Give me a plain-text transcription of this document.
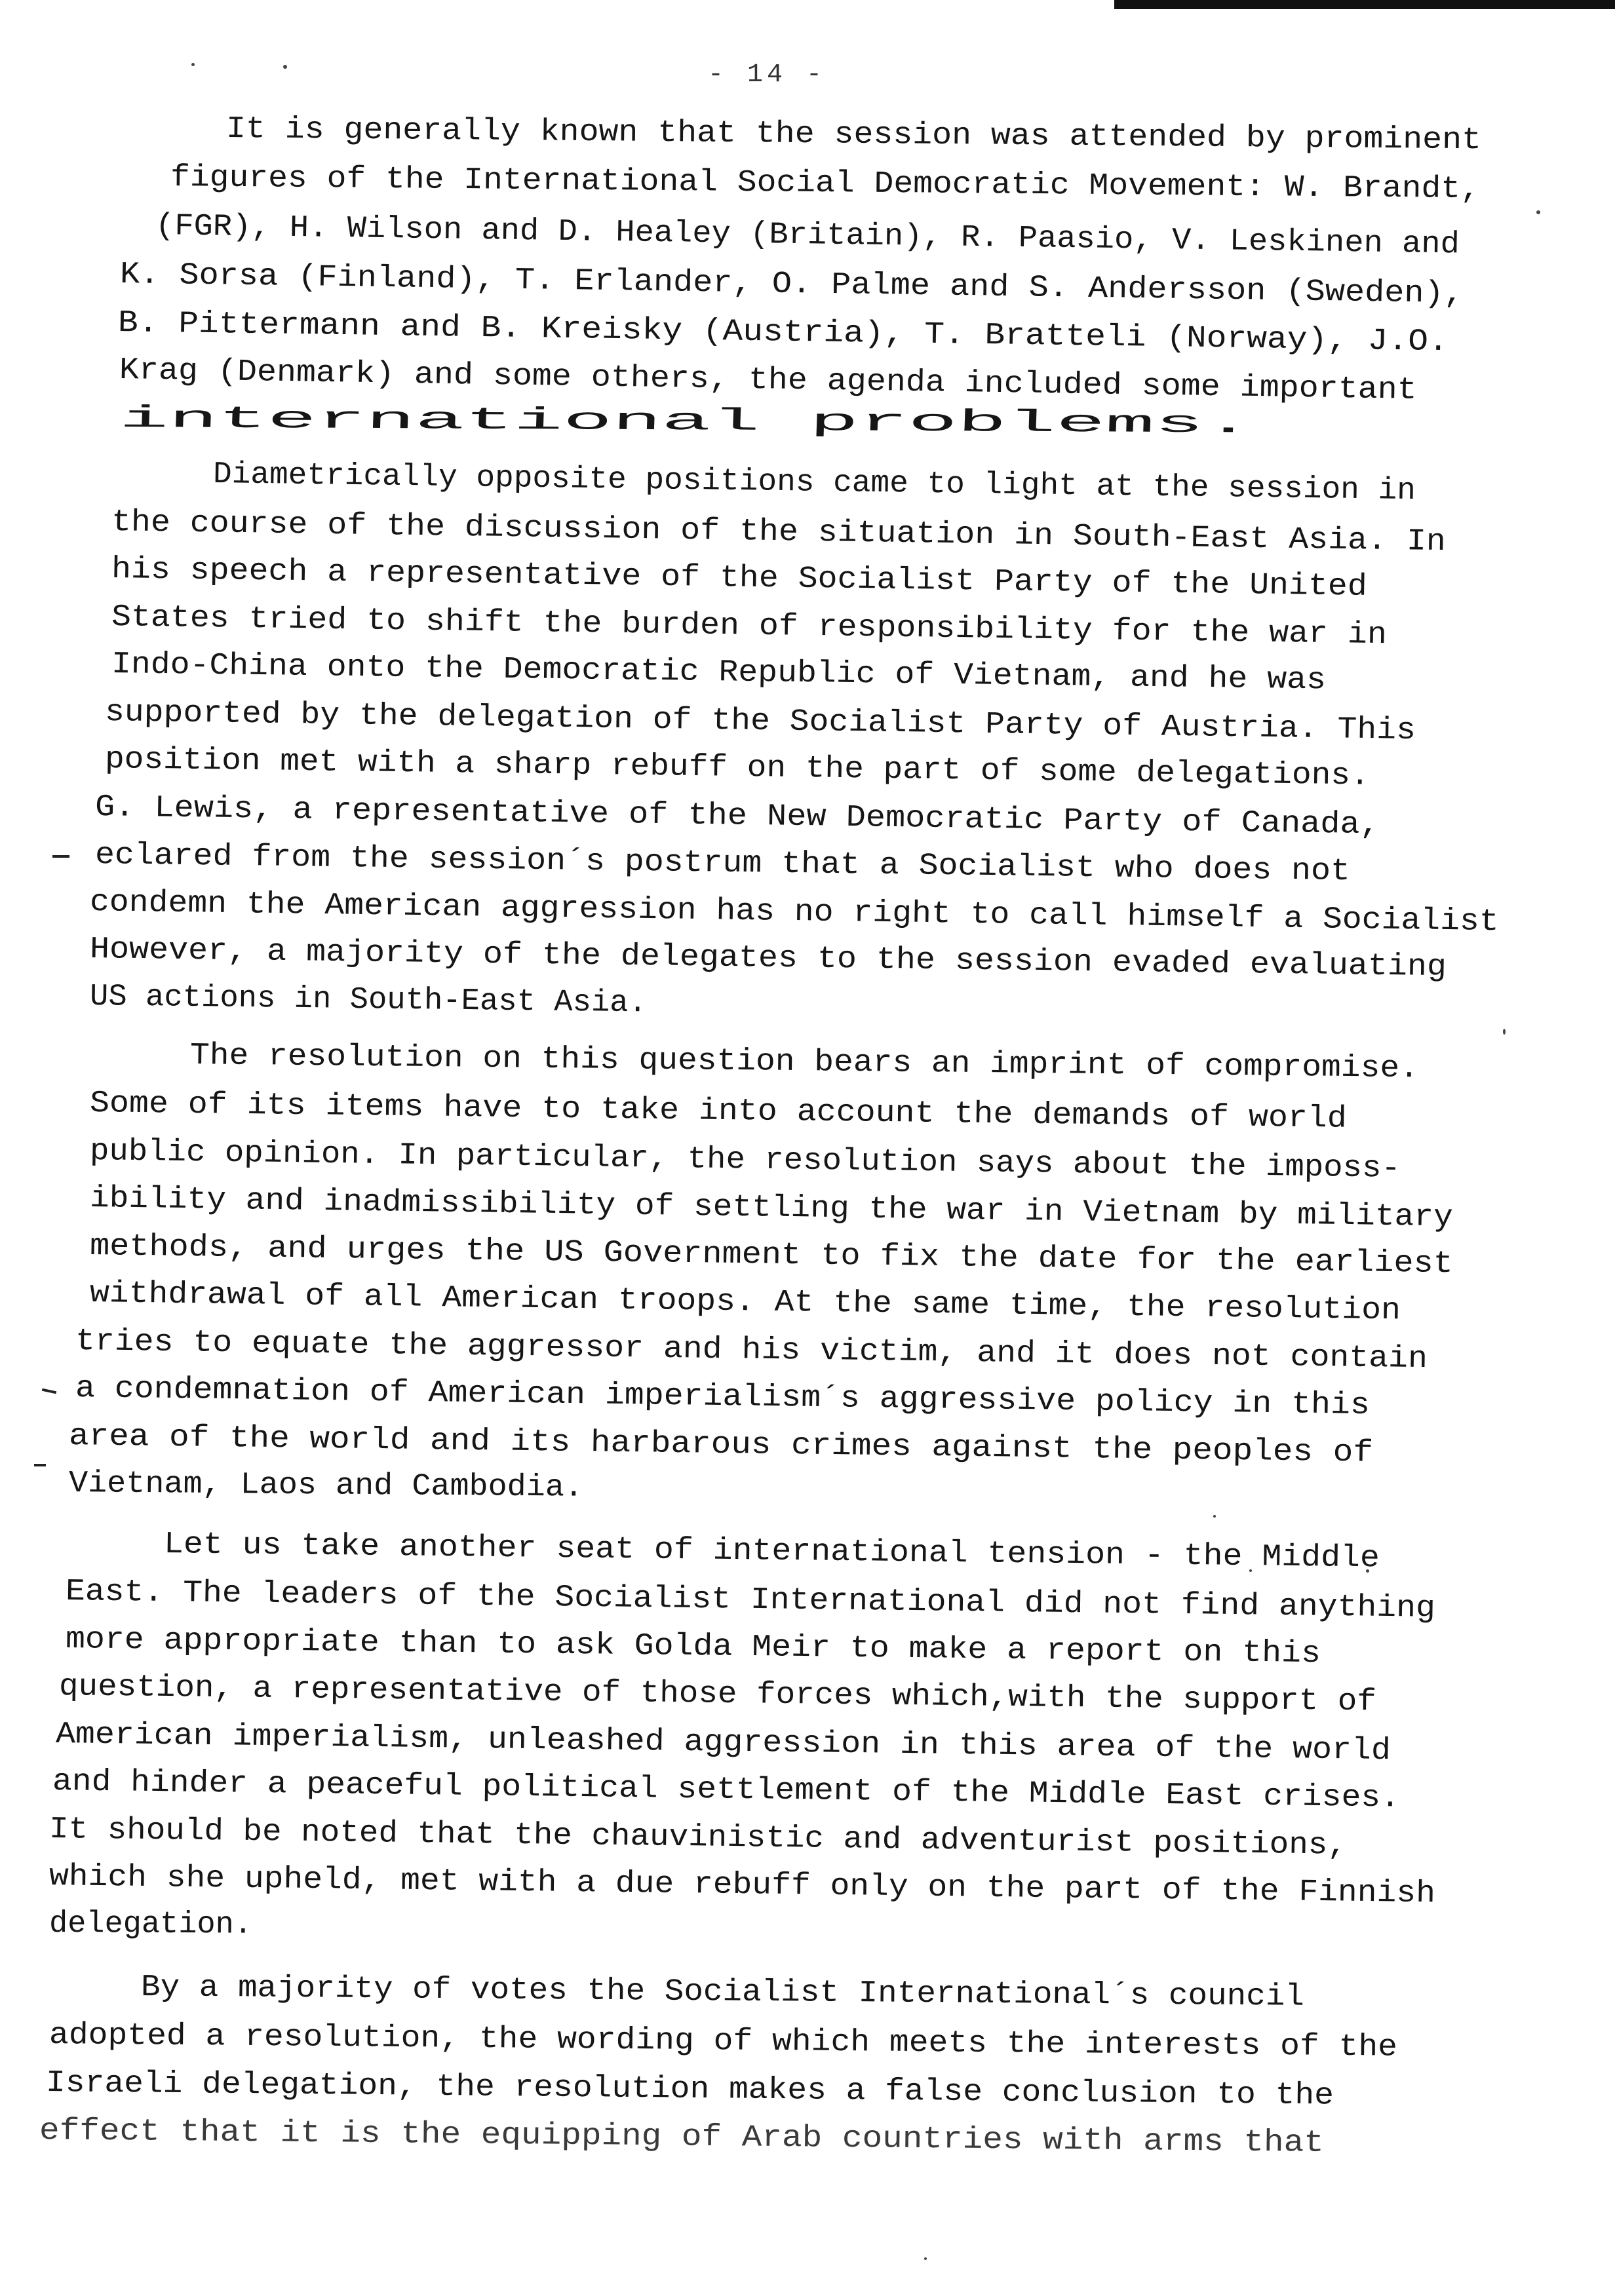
- 14 -
It is generally known that the session was attended by prominent
figures of the International Social Democratic Movement: W. Brandt,
(FGR), H. Wilson and D. Healey (Britain), R. Paasio, V. Leskinen and
K. Sorsa (Finland), T. Erlander, O. Palme and S. Andersson (Sweden),
B. Pittermann and B. Kreisky (Austria), T. Bratteli (Norway), J.O.
Krag (Denmark) and some others, the agenda included some important
international problems.
Diametrically opposite positions came to light at the session in
the course of the discussion of the situation in South-East Asia. In
his speech a representative of the Socialist Party of the United
States tried to shift the burden of responsibility for the war in
Indo-China onto the Democratic Republic of Vietnam, and he was
supported by the delegation of the Socialist Party of Austria. This
position met with a sharp rebuff on the part of some delegations.
G. Lewis, a representative of the New Democratic Party of Canada,
eclared from the session´s postrum that a Socialist who does not
condemn the American aggression has no right to call himself a Socialist
However, a majority of the delegates to the session evaded evaluating
US actions in South-East Asia.
The resolution on this question bears an imprint of compromise.
Some of its items have to take into account the demands of world
public opinion. In particular, the resolution says about the imposs-
ibility and inadmissibility of settling the war in Vietnam by military
methods, and urges the US Government to fix the date for the earliest
withdrawal of all American troops. At the same time, the resolution
tries to equate the aggressor and his victim, and it does not contain
a condemnation of American imperialism´s aggressive policy in this
area of the world and its harbarous crimes against the peoples of
Vietnam, Laos and Cambodia.
Let us take another seat of international tension - the Middle
East. The leaders of the Socialist International did not find anything
more appropriate than to ask Golda Meir to make a report on this
question, a representative of those forces which,with the support of
American imperialism, unleashed aggression in this area of the world
and hinder a peaceful political settlement of the Middle East crises.
It should be noted that the chauvinistic and adventurist positions,
which she upheld, met with a due rebuff only on the part of the Finnish
delegation.
By a majority of votes the Socialist International´s council
adopted a resolution, the wording of which meets the interests of the
Israeli delegation, the resolution makes a false conclusion to the
effect that it is the equipping of Arab countries with arms that
